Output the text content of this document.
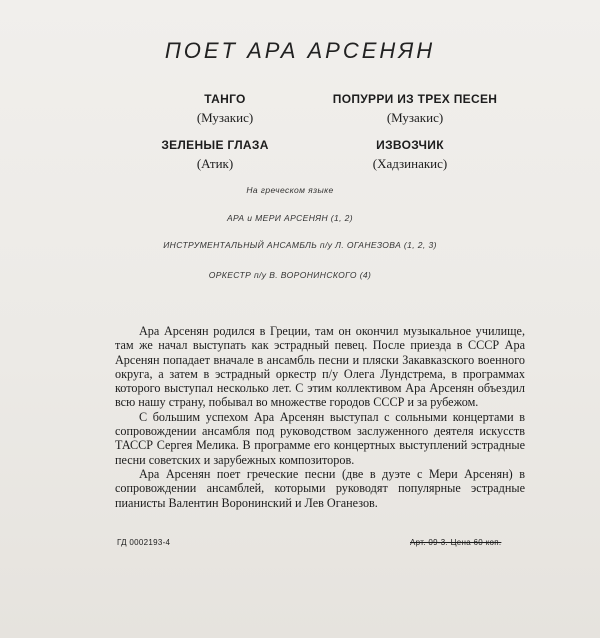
ПОЕТ АРА АРСЕНЯН
ТАНГО
(Музакис)
ПОПУРРИ ИЗ ТРЕХ ПЕСЕН
(Музакис)
ЗЕЛЕНЫЕ ГЛАЗА
(Атик)
ИЗВОЗЧИК
(Хадзинакис)
На греческом языке
АРА и МЕРИ АРСЕНЯН (1, 2)
ИНСТРУМЕНТАЛЬНЫЙ АНСАМБЛЬ п/у Л. ОГАНЕЗОВА (1, 2, 3)
ОРКЕСТР п/у В. ВОРОНИНСКОГО (4)

Ара Арсенян родился в Греции, там он окончил музыкальное училище, там же начал выступать как эстрадный певец. После приезда в СССР Ара Арсенян попадает вначале в ансамбль песни и пляски Закавказского военного округа, а затем в эстрадный оркестр п/у Олега Лундстрема, в программах которого выступал несколько лет. С этим коллективом Ара Арсенян объездил всю нашу страну, побывал во множестве городов СССР и за рубежом.

С большим успехом Ара Арсенян выступал с сольными концертами в сопровождении ансамбля под руководством заслуженного деятеля искусств ТАССР Сергея Мелика. В программе его концертных выступлений эстрадные песни советских и зарубежных композиторов.

Ара Арсенян поет греческие песни (две в дуэте с Мери Арсенян) в сопровождении ансамблей, которыми руководят популярные эстрадные пианисты Валентин Воронинский и Лев Оганезов.

ГД 0002193-4	Арт. 09-3. Цена 60 коп.
